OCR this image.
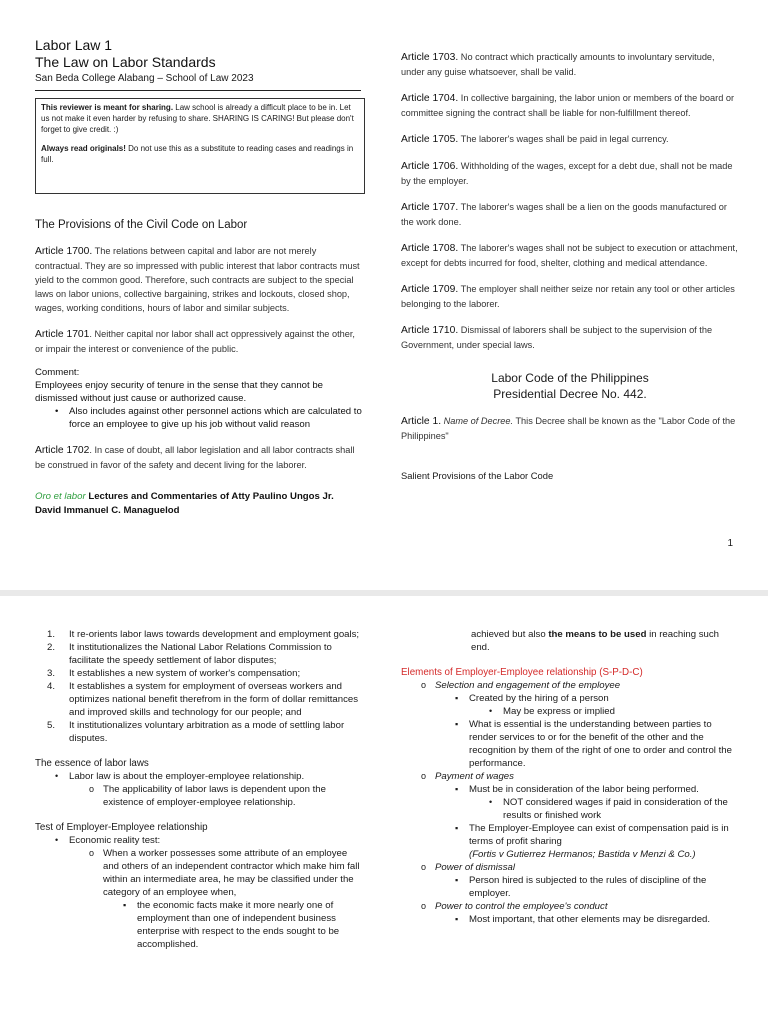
Labor Law 1
The Law on Labor Standards
San Beda College Alabang – School of Law 2023

This reviewer is meant for sharing. Law school is already a difficult place to be in. Let us not make it even harder by refusing to share. SHARING IS CARING! But please don't forget to give credit. :)

Always read originals! Do not use this as a substitute to reading cases and readings in full.

The Provisions of the Civil Code on Labor
Article 1700. The relations between capital and labor are not merely contractual. They are so impressed with public interest that labor contracts must yield to the common good. Therefore, such contracts are subject to the special laws on labor unions, collective bargaining, strikes and lockouts, closed shop, wages, working conditions, hours of labor and similar subjects.
Article 1701. Neither capital nor labor shall act oppressively against the other, or impair the interest or convenience of the public.
Comment:
Employees enjoy security of tenure in the sense that they cannot be dismissed without just cause or authorized cause.
• Also includes against other personnel actions which are calculated to force an employee to give up his job without valid reason
Article 1702. In case of doubt, all labor legislation and all labor contracts shall be construed in favor of the safety and decent living for the laborer.
Oro et labor Lectures and Commentaries of Atty Paulino Ungos Jr.
David Immanuel C. Managuelod
Article 1703. No contract which practically amounts to involuntary servitude, under any guise whatsoever, shall be valid.
Article 1704. In collective bargaining, the labor union or members of the board or committee signing the contract shall be liable for non-fulfillment thereof.
Article 1705. The laborer's wages shall be paid in legal currency.
Article 1706. Withholding of the wages, except for a debt due, shall not be made by the employer.
Article 1707. The laborer's wages shall be a lien on the goods manufactured or the work done.
Article 1708. The laborer's wages shall not be subject to execution or attachment, except for debts incurred for food, shelter, clothing and medical attendance.
Article 1709. The employer shall neither seize nor retain any tool or other articles belonging to the laborer.
Article 1710. Dismissal of laborers shall be subject to the supervision of the Government, under special laws.
Labor Code of the Philippines
Presidential Decree No. 442.
Article 1. Name of Decree. This Decree shall be known as the "Labor Code of the Philippines"
Salient Provisions of the Labor Code
1
1. It re-orients labor laws towards development and employment goals;
2. It institutionalizes the National Labor Relations Commission to facilitate the speedy settlement of labor disputes;
3. It establishes a new system of worker's compensation;
4. It establishes a system for employment of overseas workers and optimizes national benefit therefrom in the form of dollar remittances and improved skills and technology for our people; and
5. It institutionalizes voluntary arbitration as a mode of settling labor disputes.
The essence of labor laws
• Labor law is about the employer-employee relationship.
o The applicability of labor laws is dependent upon the existence of employer-employee relationship.
Test of Employer-Employee relationship
• Economic reality test:
o When a worker possesses some attribute of an employee and others of an independent contractor which make him fall within an intermediate area, he may be classified under the category of an employee when,
▪ the economic facts make it more nearly one of employment than one of independent business enterprise with respect to the ends sought to be accomplished.
achieved but also the means to be used in reaching such end.
Elements of Employer-Employee relationship (S-P-D-C)
o Selection and engagement of the employee
▪ Created by the hiring of a person
• May be express or implied
▪ What is essential is the understanding between parties to render services to or for the benefit of the other and the recognition by them of the right of one to order and control the performance.
o Payment of wages
▪ Must be in consideration of the labor being performed.
• NOT considered wages if paid in consideration of the results or finished work
▪ The Employer-Employee can exist of compensation paid is in terms of profit sharing
(Fortis v Gutierrez Hermanos; Bastida v Menzi & Co.)
o Power of dismissal
▪ Person hired is subjected to the rules of discipline of the employer.
o Power to control the employee's conduct
▪ Most important, that other elements may be disregarded.
